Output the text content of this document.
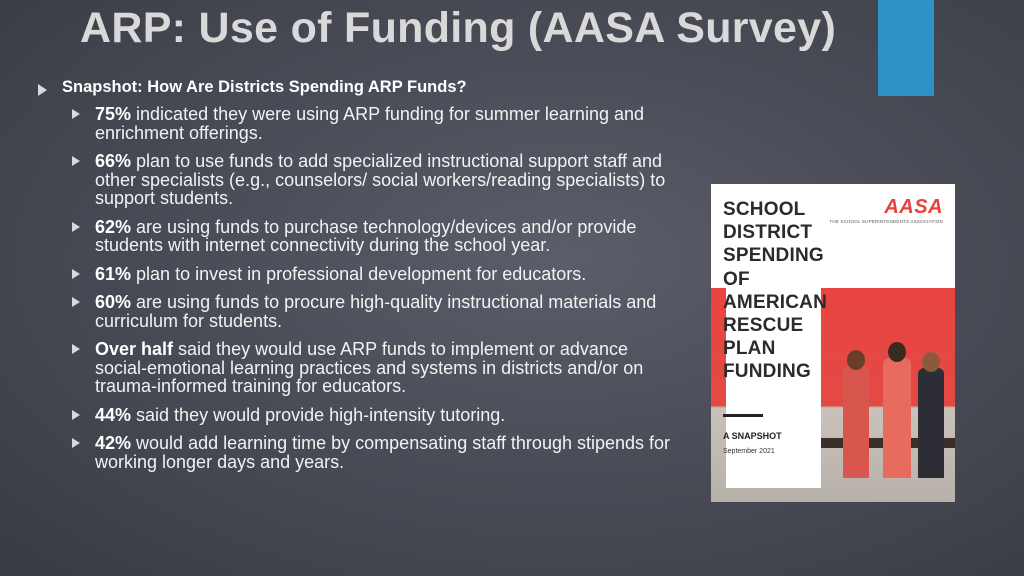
ARP: Use of Funding (AASA Survey)
Snapshot: How Are Districts Spending ARP Funds?
75% indicated they were using ARP funding for summer learning and enrichment offerings.
66% plan to use funds to add specialized instructional support staff and other specialists (e.g., counselors/ social workers/reading specialists) to support students.
62% are using funds to purchase technology/devices and/or provide students with internet connectivity during the school year.
61% plan to invest in professional development for educators.
60% are using funds to procure high-quality instructional materials and curriculum for students.
Over half said they would use ARP funds to implement or advance social-emotional learning practices and systems in districts and/or on trauma-informed training for educators.
44% said they would provide high-intensity tutoring.
42% would add learning time by compensating staff through stipends for working longer days and years.
AASA
THE SCHOOL SUPERINTENDENTS ASSOCIATION
SCHOOL
DISTRICT
SPENDING
OF
AMERICAN
RESCUE
PLAN
FUNDING
A SNAPSHOT
September 2021
